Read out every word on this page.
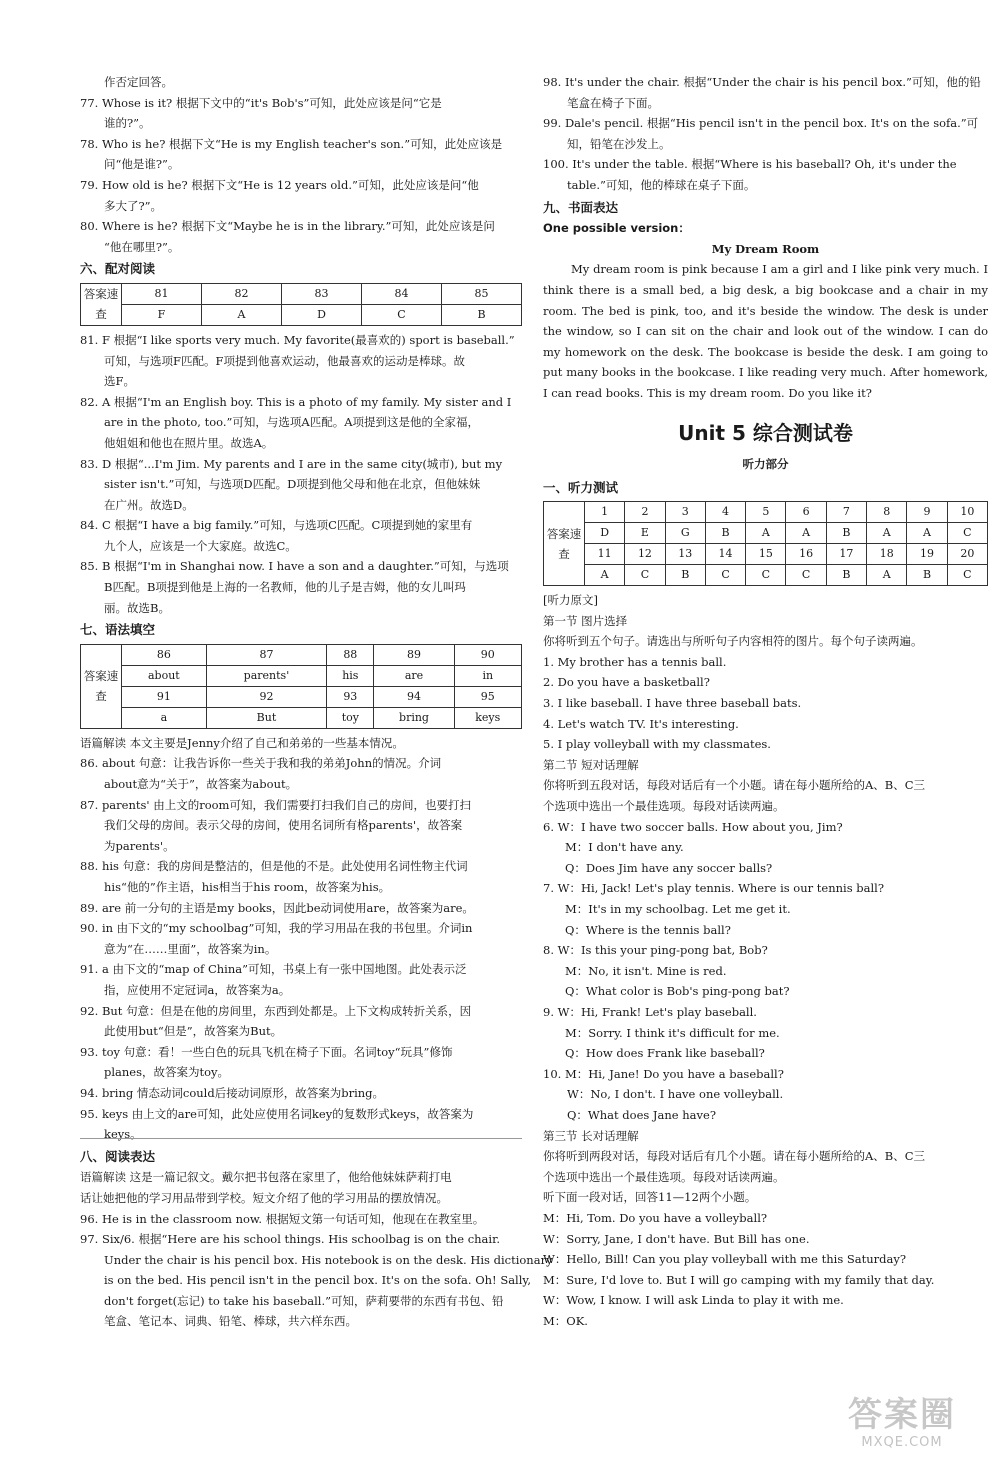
作否定回答。
77. Whose is it? 根据下文中的“it's Bob's”可知，此处应该是问“它是
谁的?”。
78. Who is he? 根据下文“He is my English teacher's son.”可知，此处应该是
问“他是谁?”。
79. How old is he? 根据下文“He is 12 years old.”可知，此处应该是问“他
多大了?”。
80. Where is he? 根据下文“Maybe he is in the library.”可知，此处应该是问
“他在哪里?”。
六、配对阅读
答案速查	81	82	83	84	85
	F	A	D	C	B
81. F 根据“I like sports very much. My favorite(最喜欢的) sport is baseball.”
可知，与选项F匹配。F项提到他喜欢运动，他最喜欢的运动是棒球。故
选F。
82. A 根据“I'm an English boy. This is a photo of my family. My sister and I
are in the photo, too.”可知，与选项A匹配。A项提到这是他的全家福，
他姐姐和他也在照片里。故选A。
83. D 根据“...I'm Jim. My parents and I are in the same city(城市), but my
sister isn't.”可知，与选项D匹配。D项提到他父母和他在北京，但他妹妹
在广州。故选D。
84. C 根据“I have a big family.”可知，与选项C匹配。C项提到她的家里有
九个人，应该是一个大家庭。故选C。
85. B 根据“I'm in Shanghai now. I have a son and a daughter.”可知，与选项
B匹配。B项提到他是上海的一名教师，他的儿子是吉姆，他的女儿叫玛
丽。故选B。
七、语法填空
答案速查	86	87	88	89	90
	about	parents'	his	are	in
	91	92	93	94	95
	a	But	toy	bring	keys
语篇解读 本文主要是Jenny介绍了自己和弟弟的一些基本情况。
86. about 句意：让我告诉你一些关于我和我的弟弟John的情况。介词
about意为“关于”，故答案为about。
87. parents' 由上文的room可知，我们需要打扫我们自己的房间，也要打扫
我们父母的房间。表示父母的房间，使用名词所有格parents'，故答案
为parents'。
88. his 句意：我的房间是整洁的，但是他的不是。此处使用名词性物主代词
his“他的”作主语，his相当于his room，故答案为his。
89. are 前一分句的主语是my books，因此be动词使用are，故答案为are。
90. in 由下文的“my schoolbag”可知，我的学习用品在我的书包里。介词in
意为“在……里面”，故答案为in。
91. a 由下文的“map of China”可知，书桌上有一张中国地图。此处表示泛
指，应使用不定冠词a，故答案为a。
92. But 句意：但是在他的房间里，东西到处都是。上下文构成转折关系，因
此使用but“但是”，故答案为But。
93. toy 句意：看！一些白色的玩具飞机在椅子下面。名词toy“玩具”修饰
planes，故答案为toy。
94. bring 情态动词could后接动词原形，故答案为bring。
95. keys 由上文的are可知，此处应使用名词key的复数形式keys，故答案为
keys。
八、阅读表达
语篇解读 这是一篇记叙文。戴尔把书包落在家里了，他给他妹妹萨莉打电
话让她把他的学习用品带到学校。短文介绍了他的学习用品的摆放情况。
96. He is in the classroom now. 根据短文第一句话可知，他现在在教室里。
97. Six/6. 根据“Here are his school things. His schoolbag is on the chair.
Under the chair is his pencil box. His notebook is on the desk. His dictionary
is on the bed. His pencil isn't in the pencil box. It's on the sofa. Oh! Sally,
don't forget(忘记) to take his baseball.”可知，萨莉要带的东西有书包、铅
笔盒、笔记本、词典、铅笔、棒球，共六样东西。
98. It's under the chair. 根据“Under the chair is his pencil box.”可知，他的铅
笔盒在椅子下面。
99. Dale's pencil. 根据“His pencil isn't in the pencil box. It's on the sofa.”可
知，铅笔在沙发上。
100. It's under the table. 根据“Where is his baseball? Oh, it's under the
table.”可知，他的棒球在桌子下面。
九、书面表达
One possible version：
My Dream Room
My dream room is pink because I am a girl and I like pink very much. I think there is a small bed, a big desk, a big bookcase and a chair in my room. The bed is pink, too, and it's beside the window. The desk is under the window, so I can sit on the chair and look out of the window. I can do my homework on the desk. The bookcase is beside the desk. I am going to put many books in the bookcase. I like reading very much. After homework, I can read books. This is my dream room. Do you like it?
Unit 5 综合测试卷
听力部分
一、听力测试
答案速查	1	2	3	4	5	6	7	8	9	10
	D	E	G	B	A	A	B	A	A	C
	11	12	13	14	15	16	17	18	19	20
	A	C	B	C	C	C	B	A	B	C
[听力原文]
第一节 图片选择
你将听到五个句子。请选出与所听句子内容相符的图片。每个句子读两遍。
1. My brother has a tennis ball.
2. Do you have a basketball?
3. I like baseball. I have three baseball bats.
4. Let's watch TV. It's interesting.
5. I play volleyball with my classmates.
第二节 短对话理解
你将听到五段对话，每段对话后有一个小题。请在每小题所给的A、B、C三
个选项中选出一个最佳选项。每段对话读两遍。
6. W：I have two soccer balls. How about you, Jim?
M：I don't have any.
Q：Does Jim have any soccer balls?
7. W：Hi, Jack! Let's play tennis. Where is our tennis ball?
M：It's in my schoolbag. Let me get it.
Q：Where is the tennis ball?
8. W：Is this your ping-pong bat, Bob?
M：No, it isn't. Mine is red.
Q：What color is Bob's ping-pong bat?
9. W：Hi, Frank! Let's play baseball.
M：Sorry. I think it's difficult for me.
Q：How does Frank like baseball?
10. M：Hi, Jane! Do you have a baseball?
W：No, I don't. I have one volleyball.
Q：What does Jane have?
第三节 长对话理解
你将听到两段对话，每段对话后有几个小题。请在每小题所给的A、B、C三
个选项中选出一个最佳选项。每段对话读两遍。
听下面一段对话，回答11—12两个小题。
M：Hi, Tom. Do you have a volleyball?
W：Sorry, Jane, I don't have. But Bill has one.
W：Hello, Bill! Can you play volleyball with me this Saturday?
M：Sure, I'd love to. But I will go camping with my family that day.
W：Wow, I know. I will ask Linda to play it with me.
M：OK.
答案圈
MXQE.COM
